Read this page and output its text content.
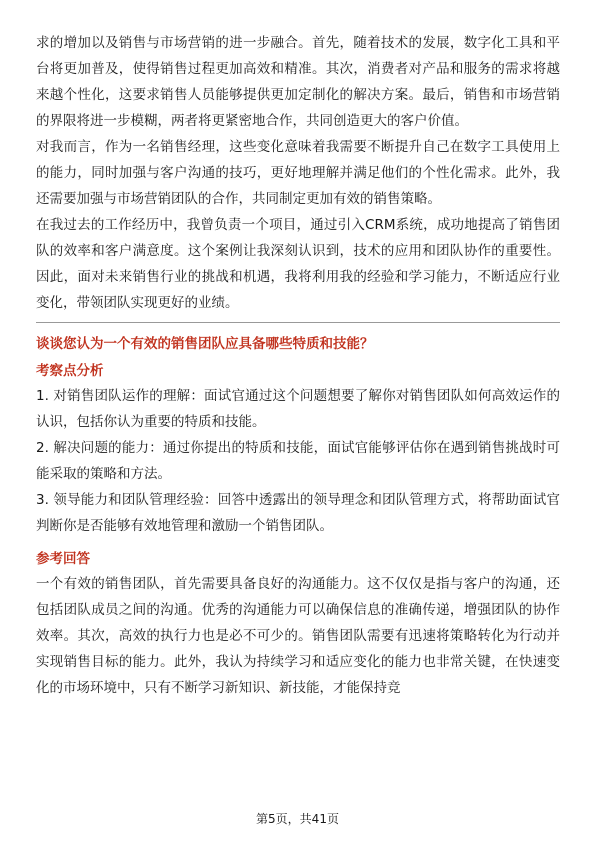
求的增加以及销售与市场营销的进一步融合。首先，随着技术的发展，数字化工具和平台将更加普及，使得销售过程更加高效和精准。其次，消费者对产品和服务的需求将越来越个性化，这要求销售人员能够提供更加定制化的解决方案。最后，销售和市场营销的界限将进一步模糊，两者将更紧密地合作，共同创造更大的客户价值。

对我而言，作为一名销售经理，这些变化意味着我需要不断提升自己在数字工具使用上的能力，同时加强与客户沟通的技巧，更好地理解并满足他们的个性化需求。此外，我还需要加强与市场营销团队的合作，共同制定更加有效的销售策略。

在我过去的工作经历中，我曾负责一个项目，通过引入CRM系统，成功地提高了销售团队的效率和客户满意度。这个案例让我深刻认识到，技术的应用和团队协作的重要性。因此，面对未来销售行业的挑战和机遇，我将利用我的经验和学习能力，不断适应行业变化，带领团队实现更好的业绩。

谈谈您认为一个有效的销售团队应具备哪些特质和技能？

考察点分析

1. 对销售团队运作的理解：面试官通过这个问题想要了解你对销售团队如何高效运作的认识，包括你认为重要的特质和技能。

2. 解决问题的能力：通过你提出的特质和技能，面试官能够评估你在遇到销售挑战时可能采取的策略和方法。

3. 领导能力和团队管理经验：回答中透露出的领导理念和团队管理方式，将帮助面试官判断你是否能够有效地管理和激励一个销售团队。

参考回答

一个有效的销售团队，首先需要具备良好的沟通能力。这不仅仅是指与客户的沟通，还包括团队成员之间的沟通。优秀的沟通能力可以确保信息的准确传递，增强团队的协作效率。其次，高效的执行力也是必不可少的。销售团队需要有迅速将策略转化为行动并实现销售目标的能力。此外，我认为持续学习和适应变化的能力也非常关键，在快速变化的市场环境中，只有不断学习新知识、新技能，才能保持竞

第5页，共41页
